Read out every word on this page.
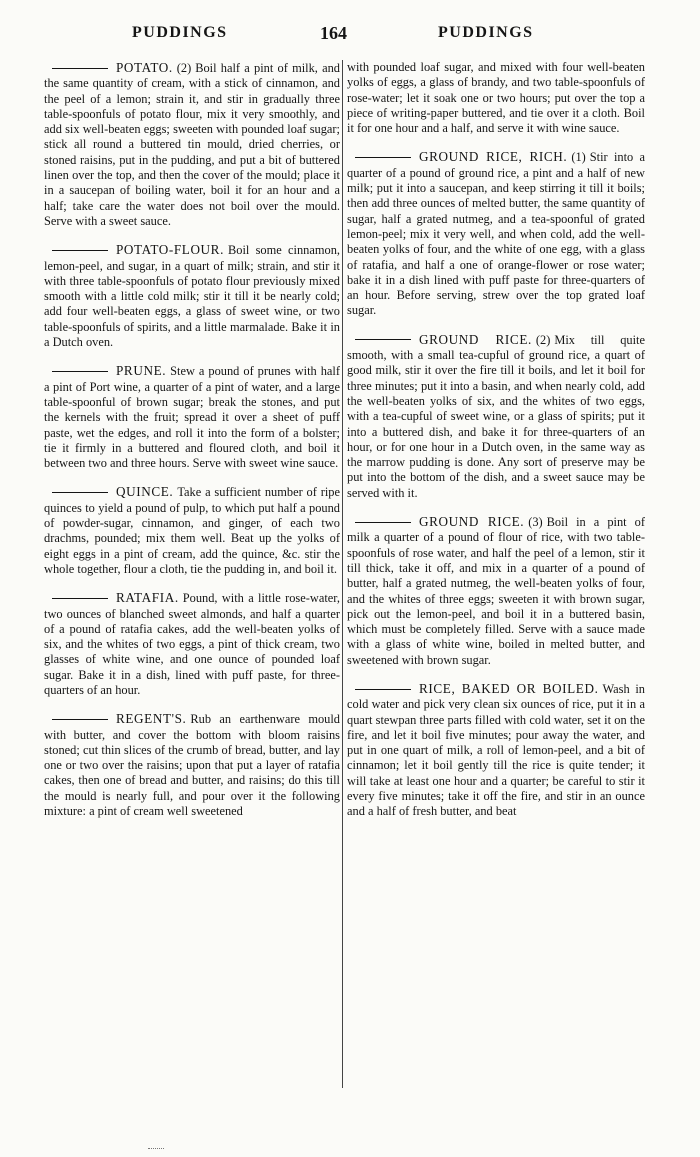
PUDDINGS	164	PUDDINGS

POTATO. (2) Boil half a pint of milk, and the same quantity of cream, with a stick of cinnamon, and the peel of a lemon; strain it, and stir in gradually three table-spoonfuls of potato flour, mix it very smoothly, and add six well-beaten eggs; sweeten with pounded loaf sugar; stick all round a buttered tin mould, dried cherries, or stoned raisins, put in the pudding, and put a bit of buttered linen over the top, and then the cover of the mould; place it in a saucepan of boiling water, boil it for an hour and a half; take care the water does not boil over the mould. Serve with a sweet sauce.

POTATO-FLOUR. Boil some cinnamon, lemon-peel, and sugar, in a quart of milk; strain, and stir it with three table-spoonfuls of potato flour previously mixed smooth with a little cold milk; stir it till it be nearly cold; add four well-beaten eggs, a glass of sweet wine, or two table-spoonfuls of spirits, and a little marmalade. Bake it in a Dutch oven.

PRUNE. Stew a pound of prunes with half a pint of Port wine, a quarter of a pint of water, and a large table-spoonful of brown sugar; break the stones, and put the kernels with the fruit; spread it over a sheet of puff paste, wet the edges, and roll it into the form of a bolster; tie it firmly in a buttered and floured cloth, and boil it between two and three hours. Serve with sweet wine sauce.

QUINCE. Take a sufficient number of ripe quinces to yield a pound of pulp, to which put half a pound of powder-sugar, cinnamon, and ginger, of each two drachms, pounded; mix them well. Beat up the yolks of eight eggs in a pint of cream, add the quince, &c. stir the whole together, flour a cloth, tie the pudding in, and boil it.

RATAFIA. Pound, with a little rose-water, two ounces of blanched sweet almonds, and half a quarter of a pound of ratafia cakes, add the well-beaten yolks of six, and the whites of two eggs, a pint of thick cream, two glasses of white wine, and one ounce of pounded loaf sugar. Bake it in a dish, lined with puff paste, for three-quarters of an hour.

REGENT'S. Rub an earthenware mould with butter, and cover the bottom with bloom raisins stoned; cut thin slices of the crumb of bread, butter, and lay one or two over the raisins; upon that put a layer of ratafia cakes, then one of bread and butter, and raisins; do this till the mould is nearly full, and pour over it the following mixture: a pint of cream well sweetened

with pounded loaf sugar, and mixed with four well-beaten yolks of eggs, a glass of brandy, and two table-spoonfuls of rose-water; let it soak one or two hours; put over the top a piece of writing-paper buttered, and tie over it a cloth. Boil it for one hour and a half, and serve it with wine sauce.

GROUND RICE, RICH. (1) Stir into a quarter of a pound of ground rice, a pint and a half of new milk; put it into a saucepan, and keep stirring it till it boils; then add three ounces of melted butter, the same quantity of sugar, half a grated nutmeg, and a tea-spoonful of grated lemon-peel; mix it very well, and when cold, add the well-beaten yolks of four, and the white of one egg, with a glass of ratafia, and half a one of orange-flower or rose water; bake it in a dish lined with puff paste for three-quarters of an hour. Before serving, strew over the top grated loaf sugar.

GROUND RICE. (2) Mix till quite smooth, with a small tea-cupful of ground rice, a quart of good milk, stir it over the fire till it boils, and let it boil for three minutes; put it into a basin, and when nearly cold, add the well-beaten yolks of six, and the whites of two eggs, with a tea-cupful of sweet wine, or a glass of spirits; put it into a buttered dish, and bake it for three-quarters of an hour, or for one hour in a Dutch oven, in the same way as the marrow pudding is done. Any sort of preserve may be put into the bottom of the dish, and a sweet sauce may be served with it.

GROUND RICE. (3) Boil in a pint of milk a quarter of a pound of flour of rice, with two table-spoonfuls of rose water, and half the peel of a lemon, stir it till thick, take it off, and mix in a quarter of a pound of butter, half a grated nutmeg, the well-beaten yolks of four, and the whites of three eggs; sweeten it with brown sugar, pick out the lemon-peel, and boil it in a buttered basin, which must be completely filled. Serve with a sauce made with a glass of white wine, boiled in melted butter, and sweetened with brown sugar.

RICE, BAKED OR BOILED. Wash in cold water and pick very clean six ounces of rice, put it in a quart stewpan three parts filled with cold water, set it on the fire, and let it boil five minutes; pour away the water, and put in one quart of milk, a roll of lemon-peel, and a bit of cinnamon; let it boil gently till the rice is quite tender; it will take at least one hour and a quarter; be careful to stir it every five minutes; take it off the fire, and stir in an ounce and a half of fresh butter, and beat
